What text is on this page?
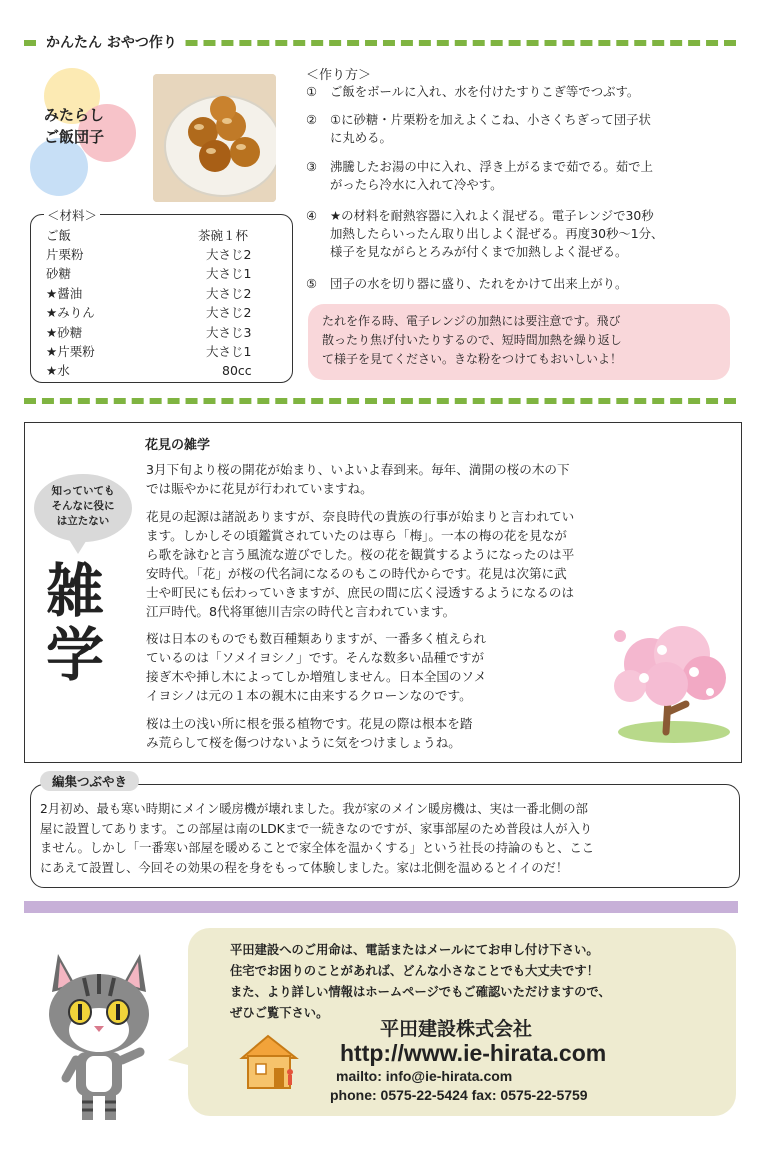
かんたん おやつ作り
みたらし
ご飯団子
＜作り方＞
①	ご飯をボールに入れ、水を付けたすりこぎ等でつぶす。
②	①に砂糖・片栗粉を加えよくこね、小さくちぎって団子状
に丸める。
③	沸騰したお湯の中に入れ、浮き上がるまで茹でる。茹で上
がったら冷水に入れて冷やす。
④	★の材料を耐熱容器に入れよく混ぜる。電子レンジで30秒
加熱したらいったん取り出しよく混ぜる。再度30秒～1分、
様子を見ながらとろみが付くまで加熱しよく混ぜる。
⑤	団子の水を切り器に盛り、たれをかけて出来上がり。
たれを作る時、電子レンジの加熱には要注意です。飛び
散ったり焦げ付いたりするので、短時間加熱を繰り返し
て様子を見てください。きな粉をつけてもおいしいよ！
＜材料＞
ご飯	茶碗１杯
片栗粉	大さじ2
砂糖	大さじ1
★醤油	大さじ2
★みりん	大さじ2
★砂糖	大さじ3
★片栗粉	大さじ1
★水	80cc
花見の雑学
知っていても
そんなに役に
は立たない
雑
学
3月下旬より桜の開花が始まり、いよいよ春到来。毎年、満開の桜の木の下
では賑やかに花見が行われていますね。
花見の起源は諸説ありますが、奈良時代の貴族の行事が始まりと言われてい
ます。しかしその頃鑑賞されていたのは専ら「梅」。一本の梅の花を見なが
ら歌を詠むと言う風流な遊びでした。桜の花を観賞するようになったのは平
安時代。「花」が桜の代名詞になるのもこの時代からです。花見は次第に武
士や町民にも伝わっていきますが、庶民の間に広く浸透するようになるのは
江戸時代。8代将軍徳川吉宗の時代と言われています。
桜は日本のものでも数百種類ありますが、一番多く植えられ
ているのは「ソメイヨシノ」です。そんな数多い品種ですが
接ぎ木や挿し木によってしか増殖しません。日本全国のソメ
イヨシノは元の１本の親木に由来するクローンなのです。
桜は土の浅い所に根を張る植物です。花見の際は根本を踏
み荒らして桜を傷つけないように気をつけましょうね。
編集つぶやき
2月初め、最も寒い時期にメイン暖房機が壊れました。我が家のメイン暖房機は、実は一番北側の部
屋に設置してあります。この部屋は南のLDKまで一続きなのですが、家事部屋のため普段は人が入り
ません。しかし「一番寒い部屋を暖めることで家全体を温かくする」という社長の持論のもと、ここ
にあえて設置し、今回その効果の程を身をもって体験しました。家は北側を温めるとイイのだ！
平田建設へのご用命は、電話またはメールにてお申し付け下さい。
住宅でお困りのことがあれば、どんな小さなことでも大丈夫です！
また、より詳しい情報はホームページでもご確認いただけますので、
ぜひご覧下さい。
平田建設株式会社
http://www.ie-hirata.com
mailto: info@ie-hirata.com
phone: 0575-22-5424 fax: 0575-22-5759
